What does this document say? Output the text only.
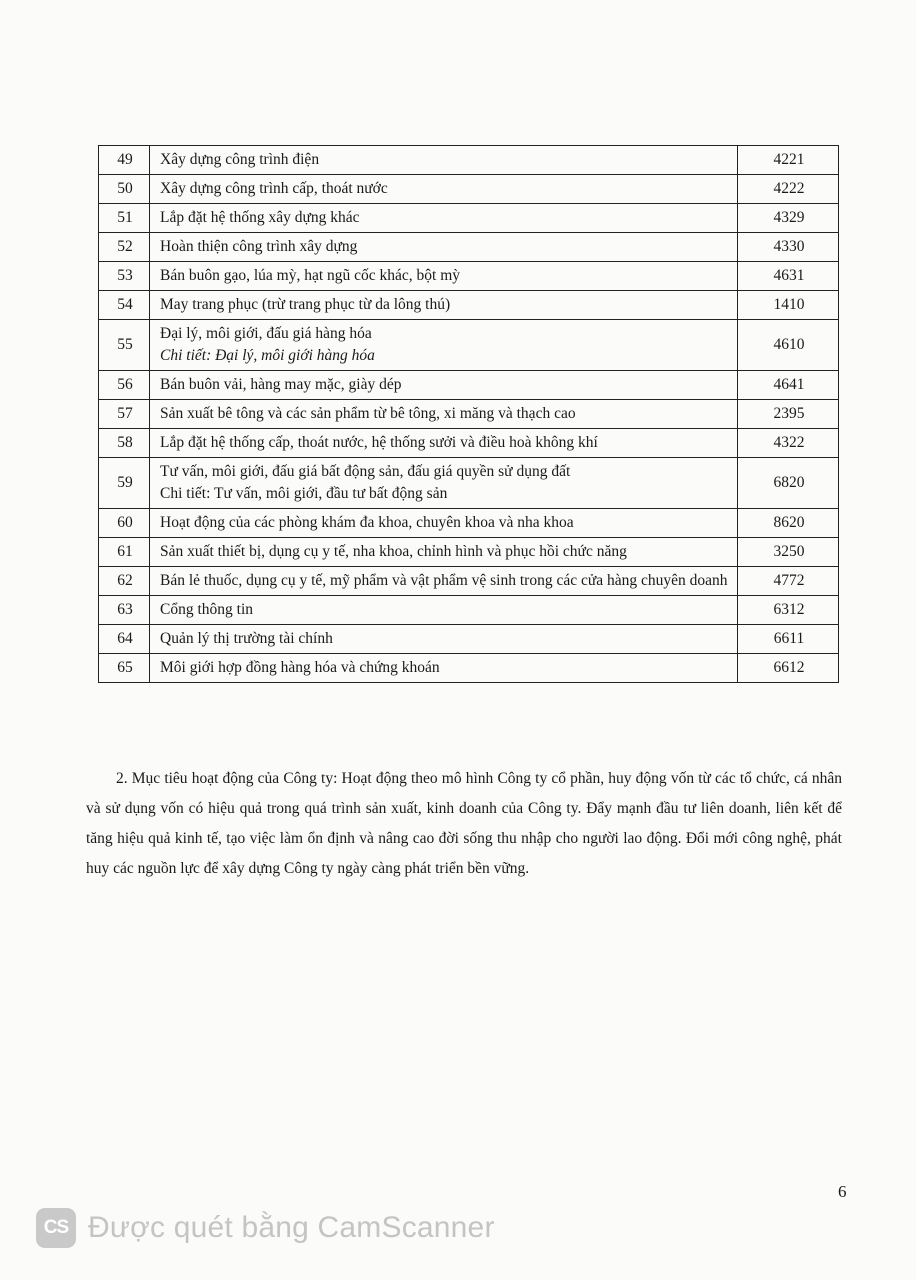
49	Xây dựng công trình điện	4221
50	Xây dựng công trình cấp, thoát nước	4222
51	Lắp đặt hệ thống xây dựng khác	4329
52	Hoàn thiện công trình xây dựng	4330
53	Bán buôn gạo, lúa mỳ, hạt ngũ cốc khác, bột mỳ	4631
54	May trang phục (trừ trang phục từ da lông thú)	1410
55	Đại lý, môi giới, đấu giá hàng hóa
Chi tiết: Đại lý, môi giới hàng hóa	4610
56	Bán buôn vải, hàng may mặc, giày dép	4641
57	Sản xuất bê tông và các sản phẩm từ bê tông, xi măng và thạch cao	2395
58	Lắp đặt hệ thống cấp, thoát nước, hệ thống sưởi và điều hoà không khí	4322
59	Tư vấn, môi giới, đấu giá bất động sản, đấu giá quyền sử dụng đất
Chi tiết: Tư vấn, môi giới, đầu tư bất động sản	6820
60	Hoạt động của các phòng khám đa khoa, chuyên khoa và nha khoa	8620
61	Sản xuất thiết bị, dụng cụ y tế, nha khoa, chỉnh hình và phục hồi chức năng	3250
62	Bán lẻ thuốc, dụng cụ y tế, mỹ phẩm và vật phẩm vệ sinh trong các cửa hàng chuyên doanh	4772
63	Cổng thông tin	6312
64	Quản lý thị trường tài chính	6611
65	Môi giới hợp đồng hàng hóa và chứng khoán	6612

2. Mục tiêu hoạt động của Công ty: Hoạt động theo mô hình Công ty cổ phần, huy động vốn từ các tổ chức, cá nhân và sử dụng vốn có hiệu quả trong quá trình sản xuất, kinh doanh của Công ty. Đẩy mạnh đầu tư liên doanh, liên kết để tăng hiệu quả kinh tế, tạo việc làm ổn định và nâng cao đời sống thu nhập cho người lao động. Đổi mới công nghệ, phát huy các nguồn lực để xây dựng Công ty ngày càng phát triển bền vững.

6
CS Được quét bằng CamScanner
